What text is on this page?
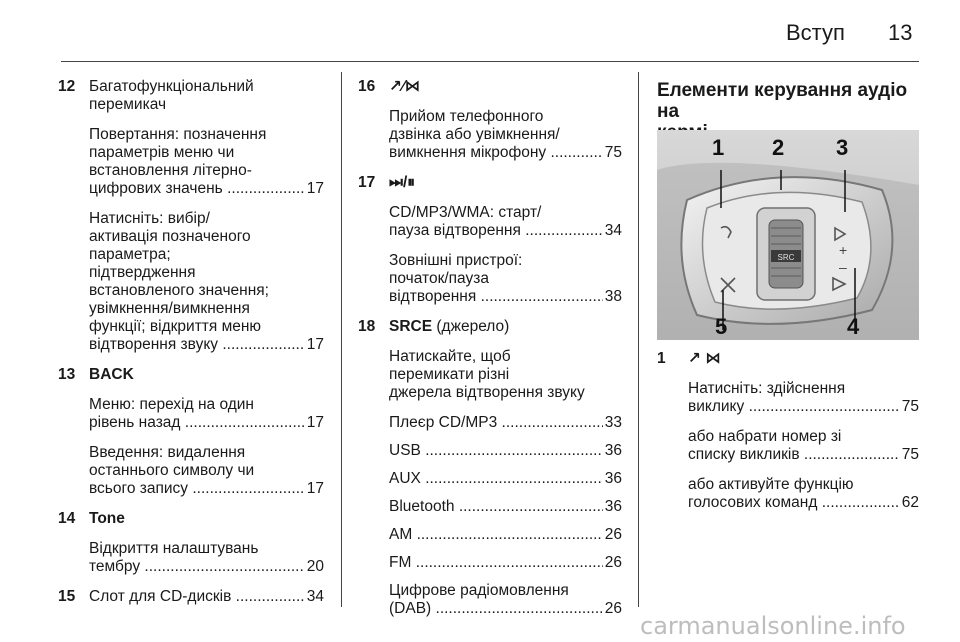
Вступ 13
12 Багатофункціональний
перемикач
Повертання: позначення
параметрів меню чи
встановлення літерно-
цифрових значень
.....	17
Натисніть: вибір/
активація позначеного
параметра;
підтвердження
встановленого значення;
увімкнення/вимкнення
функції; відкриття меню
відтворення звуку
.....	17
13 BACK
Меню: перехід на один
рівень назад
.....	17
Введення: видалення
останнього символу чи
всього запису
.....	17
14 Tone
Відкриття налаштувань
тембру
.....	20
15 Слот для CD-дисків
.....	34
16 ↗⁄⋈
Прийом телефонного
дзвінка або увімкнення/
вимкнення мікрофону
.....	75
17 ⏭/⏸
CD/MP3/WMA: старт/
пауза відтворення
.....	34
Зовнішні пристрої:
початок/пауза
відтворення
.....	38
18 SRCE (джерело)
Натискайте, щоб
перемикати різні
джерела відтворення звуку
Плеєр CD/MP3
.....	33
USB
.....	36
AUX
.....	36
Bluetooth
.....	36
AM
.....	26
FM
.....	26
Цифрове радіомовлення
(DAB)
.....	26
Елементи керування аудіо на
SRC	+
–
1 2 3
4
5
1 ↗ ⋈
Натисніть: здійснення
виклику
.....	75
або набрати номер зі
списку викликів
.....	75
або активуйте функцію
голосових команд
.....	62
carmanualsonline.info
